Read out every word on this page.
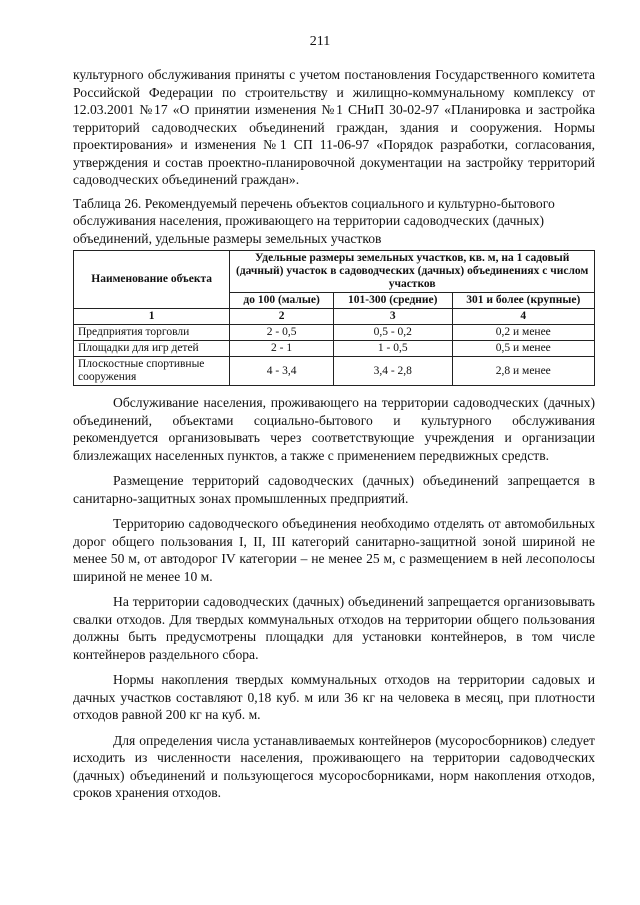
211

культурного обслуживания приняты с учетом постановления Государственного комитета Российской Федерации по строительству и жилищно-коммунальному комплексу от 12.03.2001 №17 «О принятии изменения №1 СНиП 30-02-97 «Планировка и застройка территорий садоводческих объединений граждан, здания и сооружения. Нормы проектирования» и изменения №1 СП 11-06-97 «Порядок разработки, согласования, утверждения и состав проектно-планировочной документации на застройку территорий садоводческих объединений граждан».

Таблица 26. Рекомендуемый перечень объектов социального и культурно-бытового обслуживания населения, проживающего на территории садоводческих (дачных) объединений, удельные размеры земельных участков

Наименование объекта	Удельные размеры земельных участков, кв. м, на 1 садовый (дачный) участок в садоводческих (дачных) объединениях с числом участков		
	до 100 (малые)	101-300 (средние)	301 и более (крупные)
1	2	3	4
Предприятия торговли	2 - 0,5	0,5 - 0,2	0,2 и менее
Площадки для игр детей	2 - 1	1 - 0,5	0,5 и менее
Плоскостные спортивные сооружения	4 - 3,4	3,4 - 2,8	2,8 и менее

Обслуживание населения, проживающего на территории садоводческих (дачных) объединений, объектами социально-бытового и культурного обслуживания рекомендуется организовывать через соответствующие учреждения и организации близлежащих населенных пунктов, а также с применением передвижных средств.

Размещение территорий садоводческих (дачных) объединений запрещается в санитарно-защитных зонах промышленных предприятий.

Территорию садоводческого объединения необходимо отделять от автомобильных дорог общего пользования I, II, III категорий санитарно-защитной зоной шириной не менее 50 м, от автодорог IV категории – не менее 25 м, с размещением в ней лесополосы шириной не менее 10 м.

На территории садоводческих (дачных) объединений запрещается организовывать свалки отходов. Для твердых коммунальных отходов на территории общего пользования должны быть предусмотрены площадки для установки контейнеров, в том числе контейнеров раздельного сбора.

Нормы накопления твердых коммунальных отходов на территории садовых и дачных участков составляют 0,18 куб. м или 36 кг на человека в месяц, при плотности отходов равной 200 кг на куб. м.

Для определения числа устанавливаемых контейнеров (мусоросборников) следует исходить из численности населения, проживающего на территории садоводческих (дачных) объединений и пользующегося мусоросборниками, норм накопления отходов, сроков хранения отходов.
